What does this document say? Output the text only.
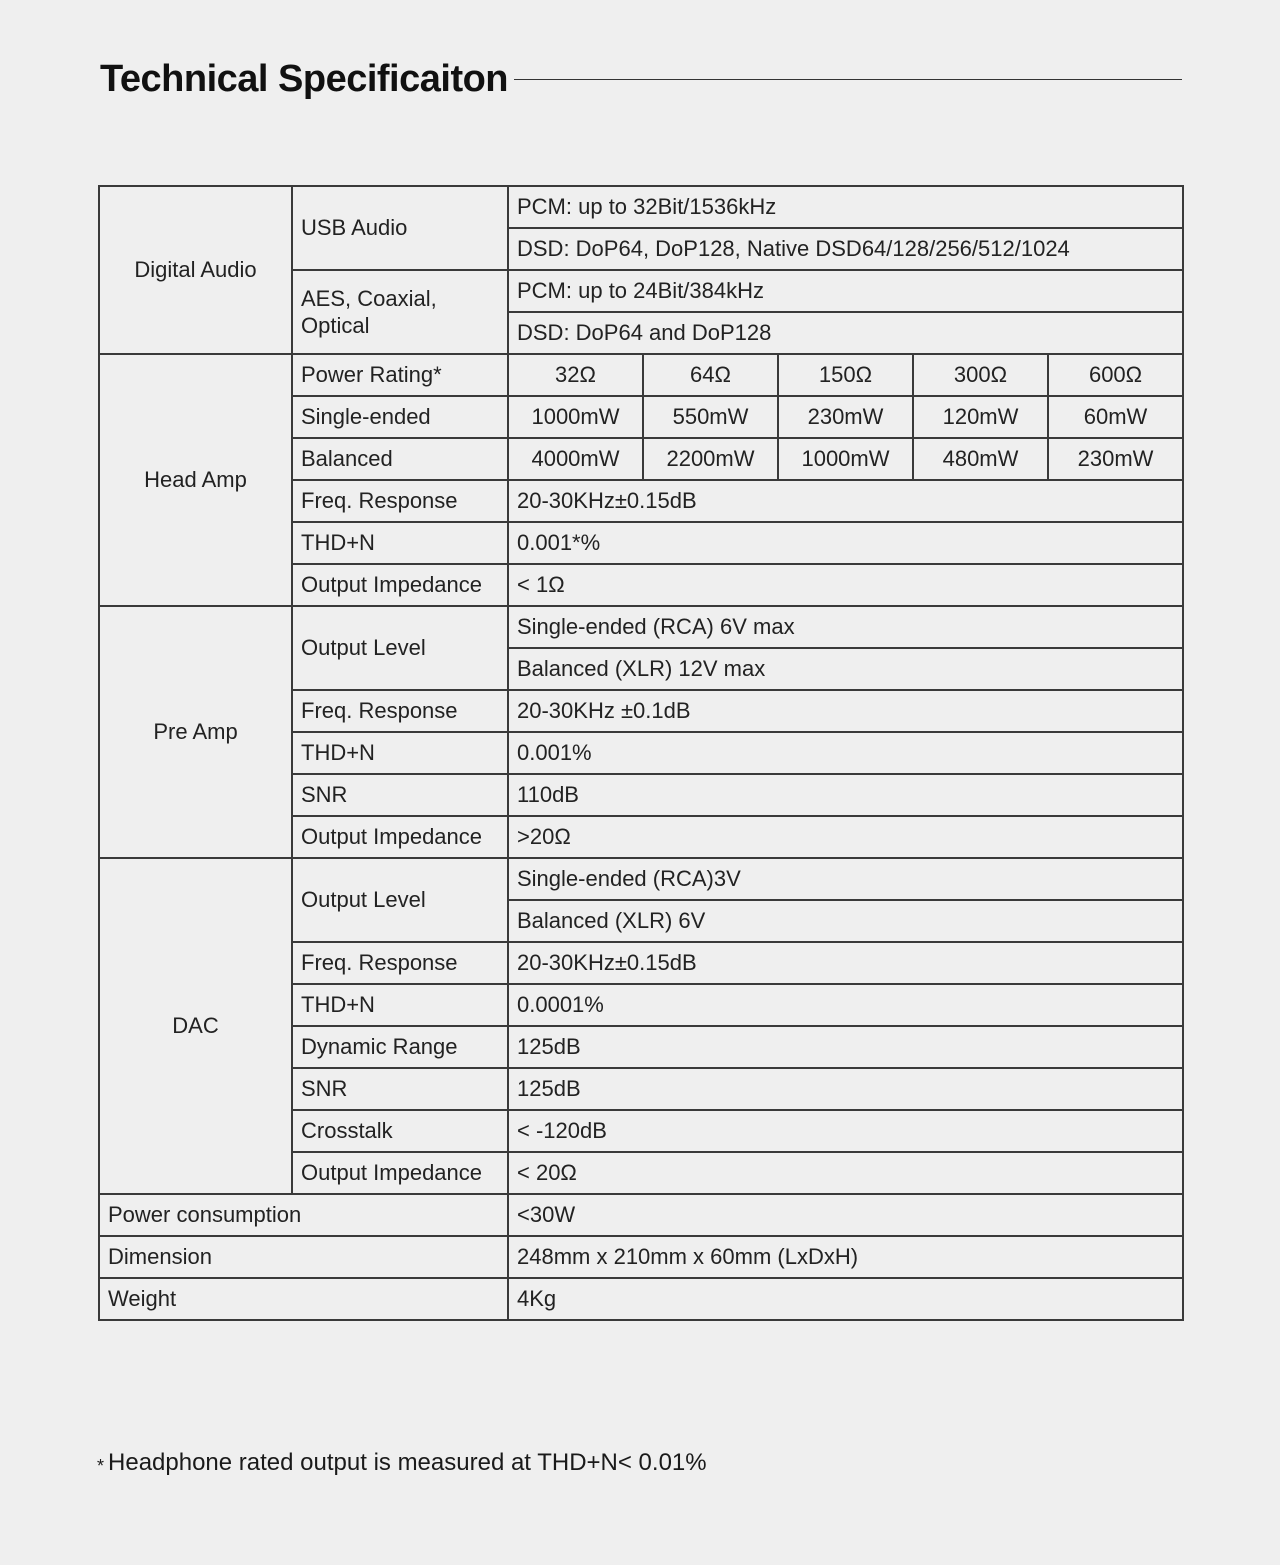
Technical Specificaiton
Digital Audio	USB Audio	PCM: up to 32Bit/1536kHz				
		DSD: DoP64, DoP128, Native DSD64/128/256/512/1024				
	AES, Coaxial, Optical	PCM: up to 24Bit/384kHz				
		DSD: DoP64 and DoP128				
Head Amp	Power Rating*	32Ω	64Ω	150Ω	300Ω	600Ω
	Single-ended	1000mW	550mW	230mW	120mW	60mW
	Balanced	4000mW	2200mW	1000mW	480mW	230mW
	Freq. Response	20-30KHz±0.15dB				
	THD+N	0.001*%				
	Output Impedance	< 1Ω				
Pre Amp	Output Level	Single-ended (RCA) 6V max				
		Balanced (XLR) 12V max				
	Freq. Response	20-30KHz ±0.1dB				
	THD+N	0.001%				
	SNR	110dB				
	Output Impedance	>20Ω				
DAC	Output Level	Single-ended (RCA)3V				
		Balanced (XLR) 6V				
	Freq. Response	20-30KHz±0.15dB				
	THD+N	0.0001%				
	Dynamic Range	125dB				
	SNR	125dB				
	Crosstalk	< -120dB				
	Output Impedance	< 20Ω				
Power consumption		<30W				
Dimension		248mm x 210mm x 60mm (LxDxH)				
Weight		4Kg				
* Headphone rated output is measured at THD+N< 0.01%
